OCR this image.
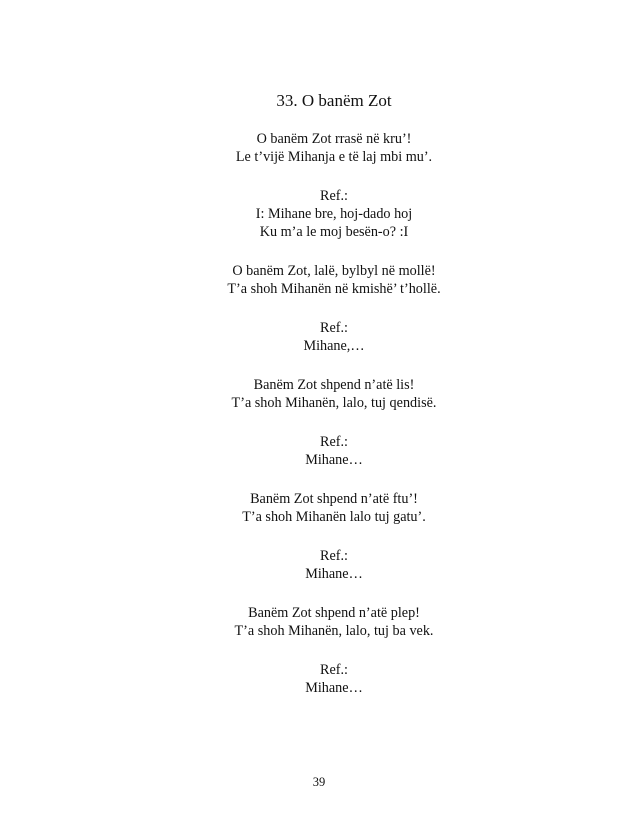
33. O banëm Zot
O banëm Zot rrasë në kru’!
Le t’vijë Mihanja e të laj mbi mu’.
Ref.:
I: Mihane bre, hoj-dado hoj
Ku m’a le moj besën-o? :I
O banëm Zot, lalë, bylbyl në mollë!
T’a shoh Mihanën në kmishë’ t’hollë.
Ref.:
Mihane,…
Banëm Zot shpend n’atë lis!
T’a shoh Mihanën, lalo, tuj qendisë.
Ref.:
Mihane…
Banëm Zot shpend n’atë ftu’!
T’a shoh Mihanën lalo tuj gatu’.
Ref.:
Mihane…
Banëm Zot shpend n’atë plep!
T’a shoh Mihanën, lalo, tuj ba vek.
Ref.:
Mihane…
39
